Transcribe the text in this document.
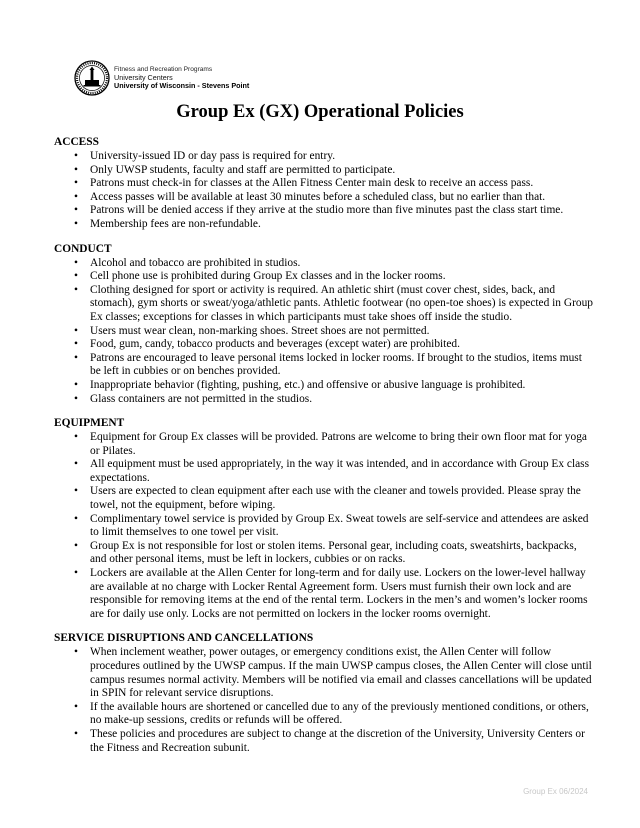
Fitness and Recreation Programs
University Centers
University of Wisconsin - Stevens Point
Group Ex (GX) Operational Policies
ACCESS
• University-issued ID or day pass is required for entry.
• Only UWSP students, faculty and staff are permitted to participate.
• Patrons must check-in for classes at the Allen Fitness Center main desk to receive an access pass.
• Access passes will be available at least 30 minutes before a scheduled class, but no earlier than that.
• Patrons will be denied access if they arrive at the studio more than five minutes past the class start time.
• Membership fees are non-refundable.
CONDUCT
• Alcohol and tobacco are prohibited in studios.
• Cell phone use is prohibited during Group Ex classes and in the locker rooms.
• Clothing designed for sport or activity is required. An athletic shirt (must cover chest, sides, back, and stomach), gym shorts or sweat/yoga/athletic pants. Athletic footwear (no open-toe shoes) is expected in Group Ex classes; exceptions for classes in which participants must take shoes off inside the studio.
• Users must wear clean, non-marking shoes. Street shoes are not permitted.
• Food, gum, candy, tobacco products and beverages (except water) are prohibited.
• Patrons are encouraged to leave personal items locked in locker rooms. If brought to the studios, items must be left in cubbies or on benches provided.
• Inappropriate behavior (fighting, pushing, etc.) and offensive or abusive language is prohibited.
• Glass containers are not permitted in the studios.
EQUIPMENT
• Equipment for Group Ex classes will be provided. Patrons are welcome to bring their own floor mat for yoga or Pilates.
• All equipment must be used appropriately, in the way it was intended, and in accordance with Group Ex class expectations.
• Users are expected to clean equipment after each use with the cleaner and towels provided. Please spray the towel, not the equipment, before wiping.
• Complimentary towel service is provided by Group Ex. Sweat towels are self-service and attendees are asked to limit themselves to one towel per visit.
• Group Ex is not responsible for lost or stolen items. Personal gear, including coats, sweatshirts, backpacks, and other personal items, must be left in lockers, cubbies or on racks.
• Lockers are available at the Allen Center for long-term and for daily use. Lockers on the lower-level hallway are available at no charge with Locker Rental Agreement form. Users must furnish their own lock and are responsible for removing items at the end of the rental term. Lockers in the men’s and women’s locker rooms are for daily use only. Locks are not permitted on lockers in the locker rooms overnight.
SERVICE DISRUPTIONS AND CANCELLATIONS
• When inclement weather, power outages, or emergency conditions exist, the Allen Center will follow procedures outlined by the UWSP campus. If the main UWSP campus closes, the Allen Center will close until campus resumes normal activity. Members will be notified via email and classes cancellations will be updated in SPIN for relevant service disruptions.
• If the available hours are shortened or cancelled due to any of the previously mentioned conditions, or others, no make-up sessions, credits or refunds will be offered.
• These policies and procedures are subject to change at the discretion of the University, University Centers or the Fitness and Recreation subunit.
Group Ex 06/2024
